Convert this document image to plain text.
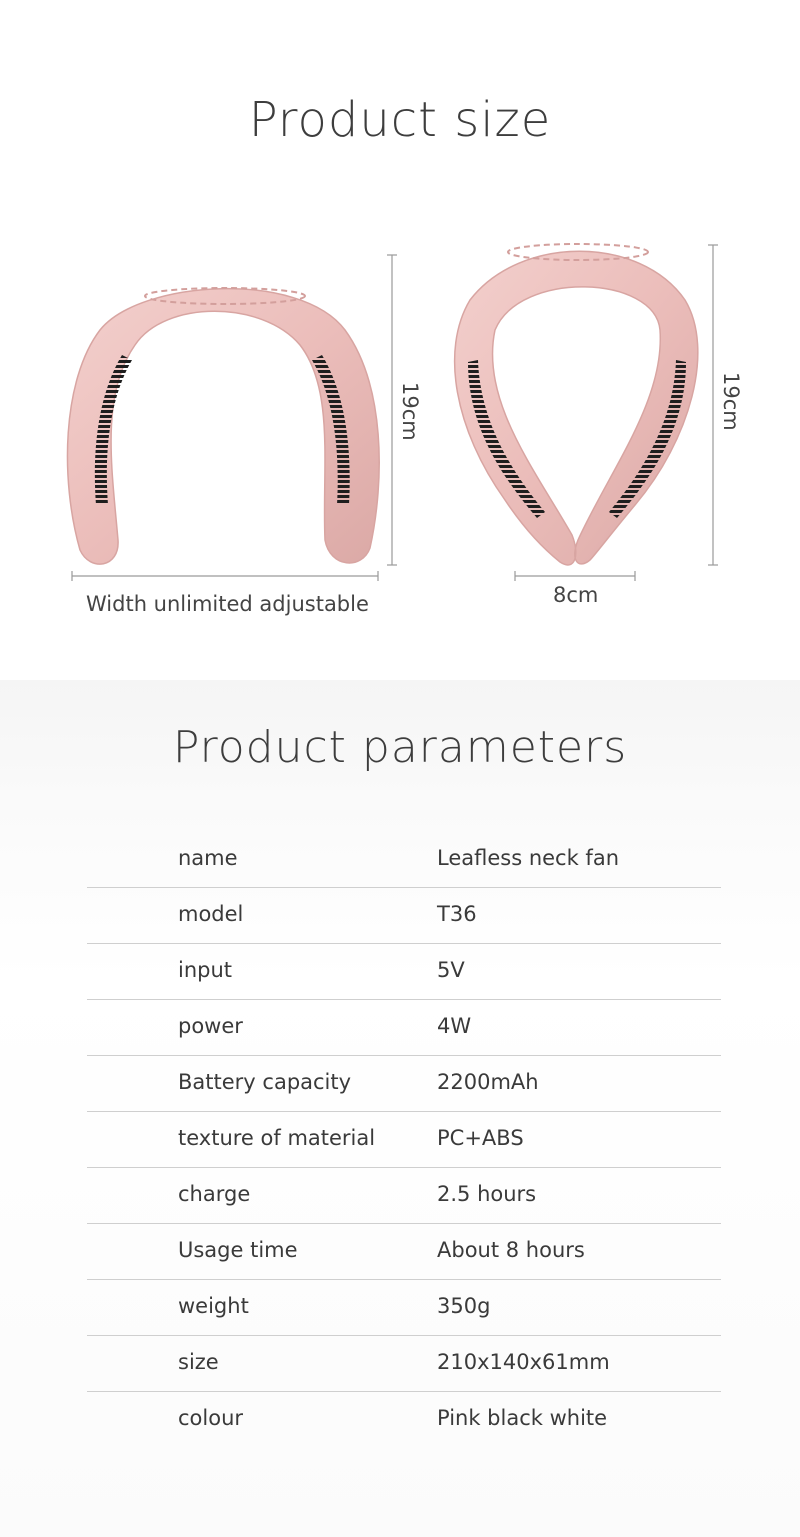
Product size
Width unlimited adjustable	8cm
19cm	19cm
Product parameters
name	Leafless neck fan
model	T36
input	5V
power	4W
Battery capacity	2200mAh
texture of material	PC+ABS
charge	2.5 hours
Usage time	About 8 hours
weight	350g
size	210x140x61mm
colour	Pink black white
